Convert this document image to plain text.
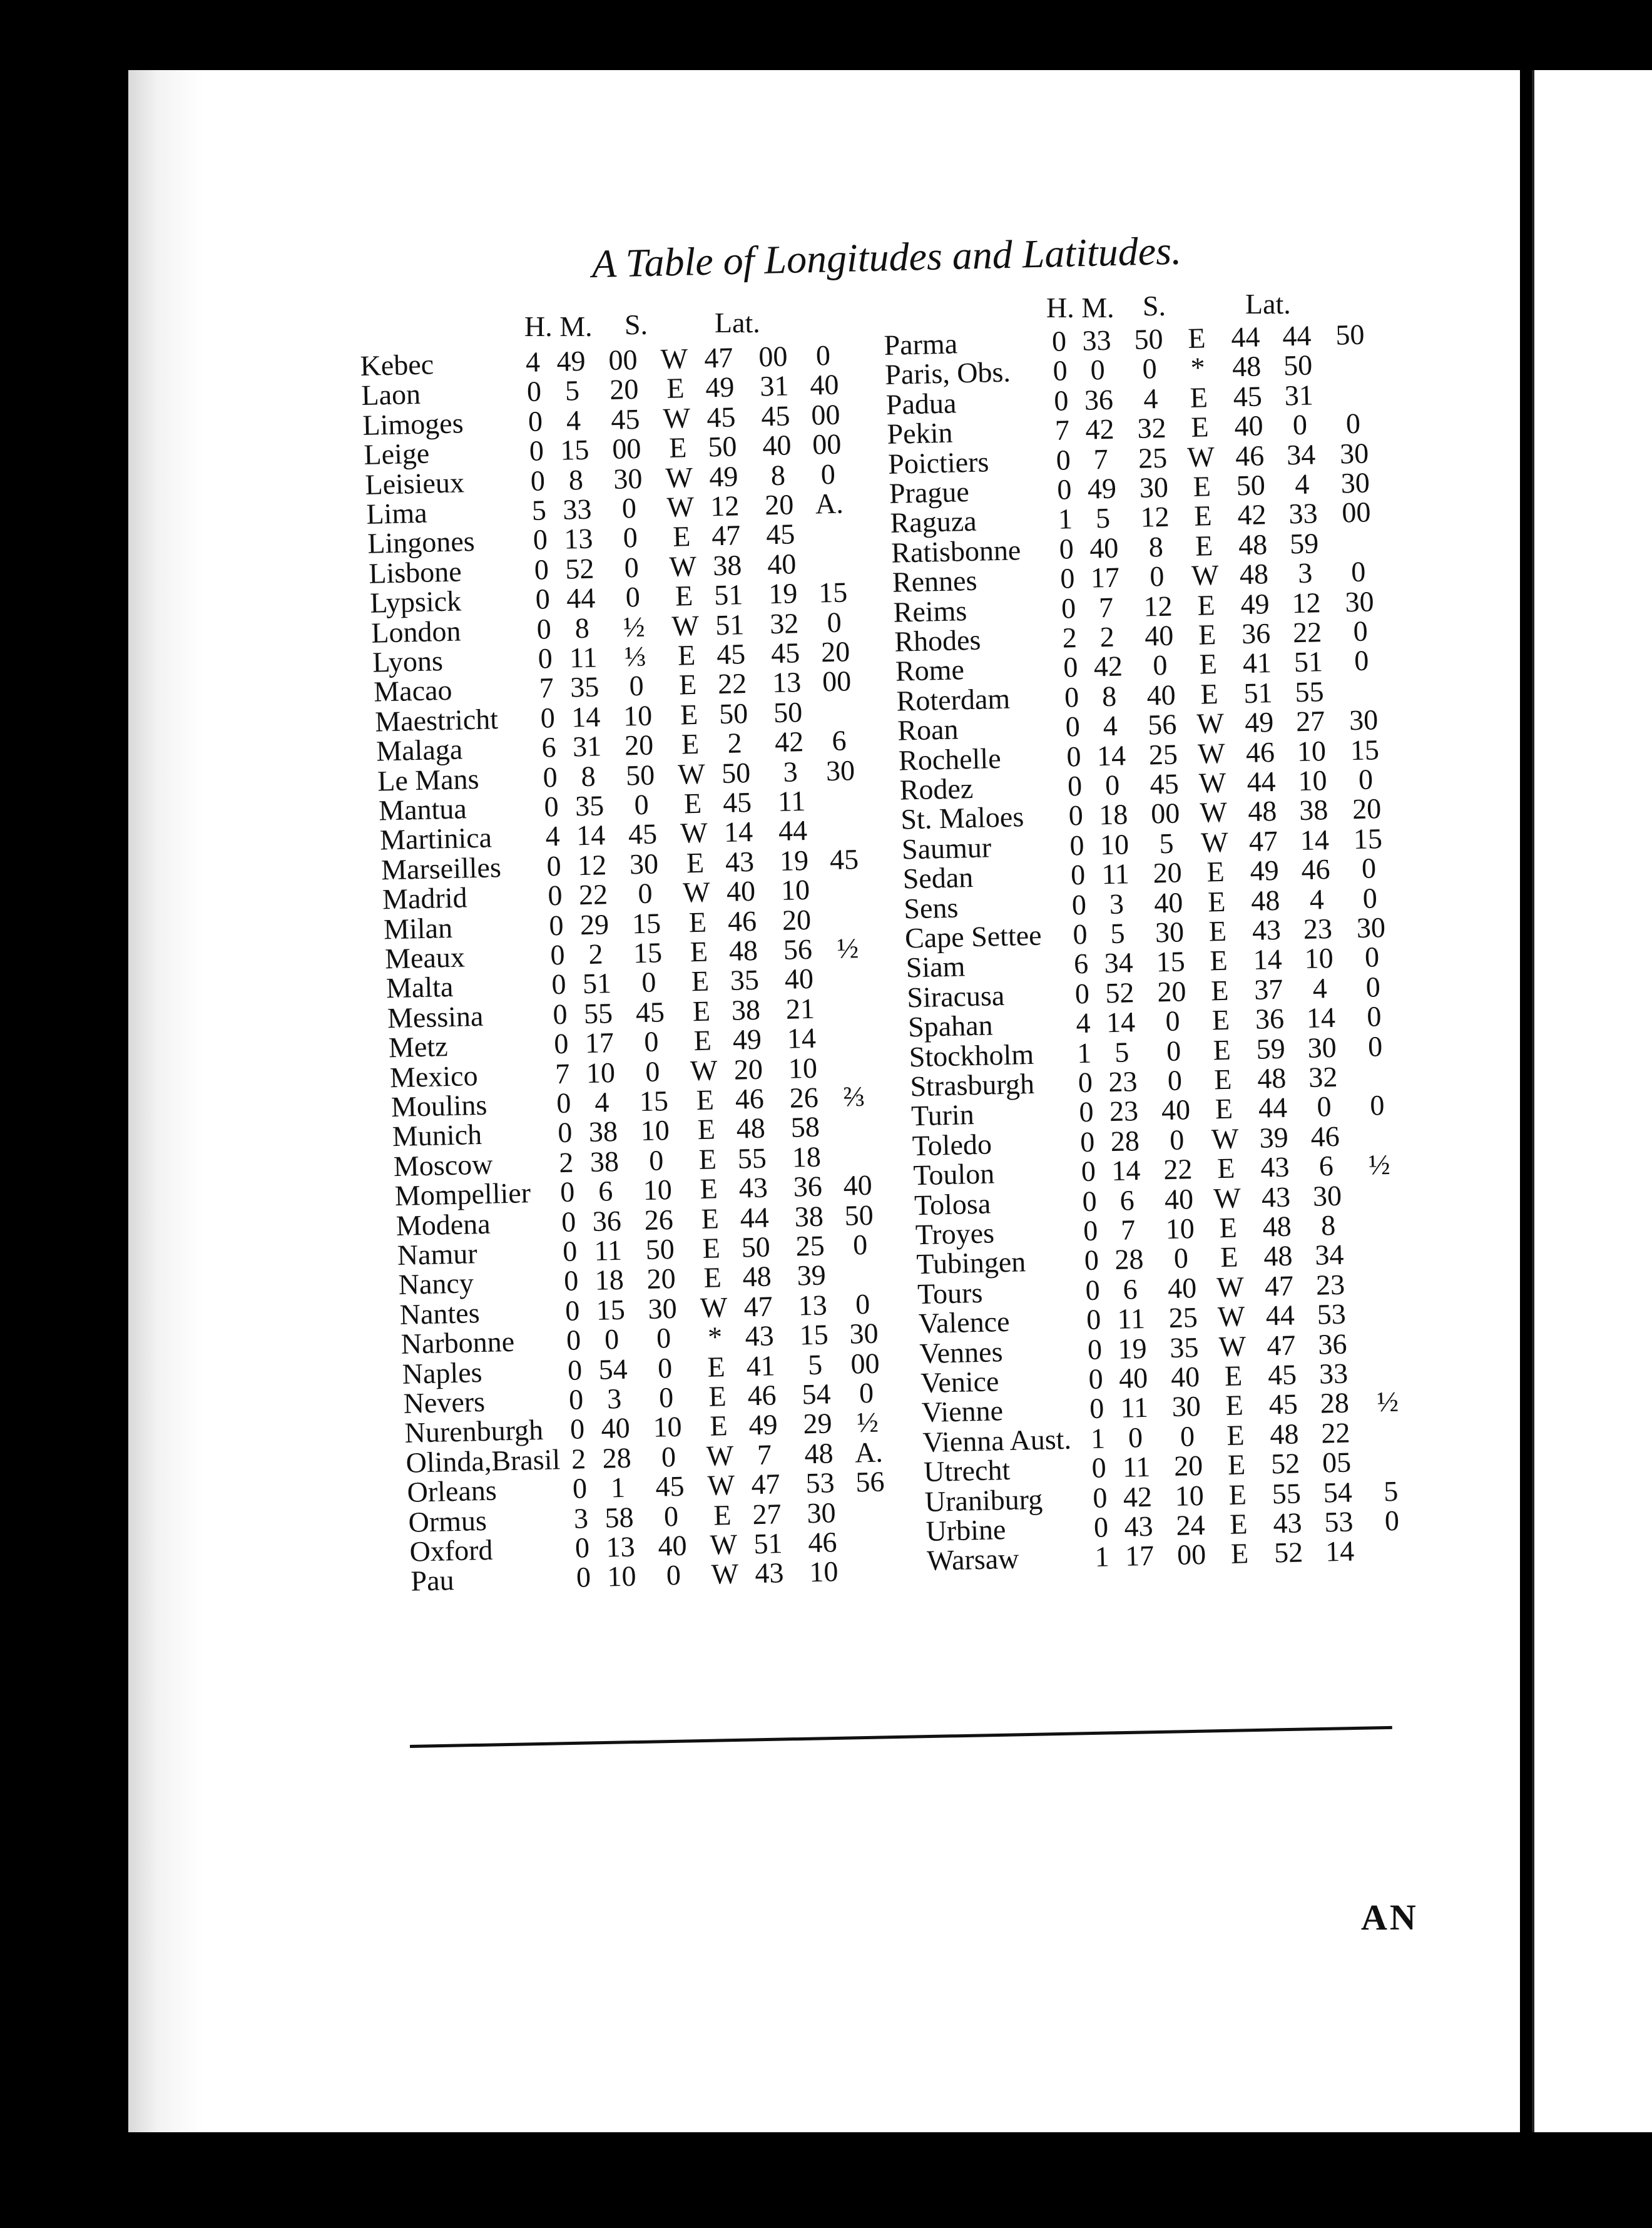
A Table of Longitudes and Latitudes.
H. M. S. Lat.	H. M. S.	Lat.
Kebec	4 49 00 W 47 00 0
Laon	0 5	20 E 49 31 40
Limoges	0 4	45 W 45 45 00
Leige	0 15 00 E 50 40 00
Leisieux	0 8	30 W 49	8	0
Lima	5 33	0	W 12 20 A.
Lingones	0 13	0	E 47 45
Lisbone	0 52	0	W 38 40
Lypsick	0 44	0	E 51 19 15
London	0 8	½ W 51 32 0
Lyons	0 11 ⅓ E 45 45 20
Macao	7 35	0	E 22 13 00
Maestricht	0 14 10 E 50 50
Malaga	6 31 20 E 2	42 6
Le Mans	0 8	50 W 50	3 30
Mantua	0 35	0	E 45 11
Martinica	4 14 45 W 14 44
Marseilles	0 12 30 E 43 19 45
Madrid	0 22	0	W 40 10
Milan	0 29 15 E 46 20
Meaux	0 2	15 E 48 56 ½
Malta	0 51	0	E 35 40
Messina	0 55 45 E 38 21
Metz	0 17	0	E 49 14
Mexico	7 10	0	W 20 10
Moulins	0 4	15 E 46 26 ⅔
Munich	0 38 10 E 48 58
Moscow	2 38	0	E 55 18
Mompellier	0 6	10 E 43 36 40
Modena	0 36 26 E 44 38 50
Namur	0 11 50 E 50 25 0
Nancy	0 18 20 E 48 39
Nantes	0 15 30 W 47 13 0
Narbonne	0 0	0	* 43 15 30
Naples	0 54	0	E 41	5 00
Nevers	0 3	0	E 46 54 0
Nurenburgh 0 40 10 E 49 29 ½
Olinda,Brasil 2 28	0	W 7	48 A.
Orleans	0 1	45 W 47 53 56
Ormus	3 58	0	E 27 30
Oxford	0 13 40 W 51 46
Pau	0 10	0	W 43 10
Parma	0 33 50 E 44 44 50
Paris, Obs.	0 0	0	* 48 50
Padua	0 36	4	E 45 31
Pekin	7 42 32 E 40	0	0
Poictiers	0 7	25 W 46 34 30
Prague	0 49 30 E 50	4	30
Raguza	1 5	12 E 42 33 00
Ratisbonne	0 40	8	E 48 59
Rennes	0 17	0 W 48	3	0
Reims	0 7	12 E 49 12 30
Rhodes	2 2	40 E 36 22	0
Rome	0 42	0	E 41 51	0
Roterdam	0 8	40 E 51 55
Roan	0 4	56 W 49 27 30
Rochelle	0 14 25 W 46 10 15
Rodez	0 0	45 W 44 10	0
St. Maloes	0 18 00 W 48 38 20
Saumur	0 10	5 W 47 14 15
Sedan	0 11 20 E 49 46	0
Sens	0 3	40 E 48	4	0
Cape Settee	0 5	30 E 43 23 30
Siam	6 34 15 E 14 10	0
Siracusa	0 52 20 E 37	4	0
Spahan	4 14	0	E 36 14	0
Stockholm	1 5	0	E 59 30	0
Strasburgh	0 23	0	E 48 32
Turin	0 23 40 E 44	0	0
Toledo	0 28	0 W 39 46
Toulon	0 14 22 E 43	6	½
Tolosa	0 6	40 W 43 30
Troyes	0 7	10 E 48	8
Tubingen	0 28	0	E 48 34
Tours	0 6	40 W 47 23
Valence	0 11 25 W 44 53
Vennes	0 19 35 W 47 36
Venice	0 40 40 E 45 33
Vienne	0 11 30 E 45 28 ½
Vienna Aust. 1 0	0	E 48 22
Utrecht	0 11 20 E 52 05
Uraniburg	0 42 10 E 55 54	5
Urbine	0 43 24 E 43 53	0
Warsaw	1 17 00 E 52 14
AN
